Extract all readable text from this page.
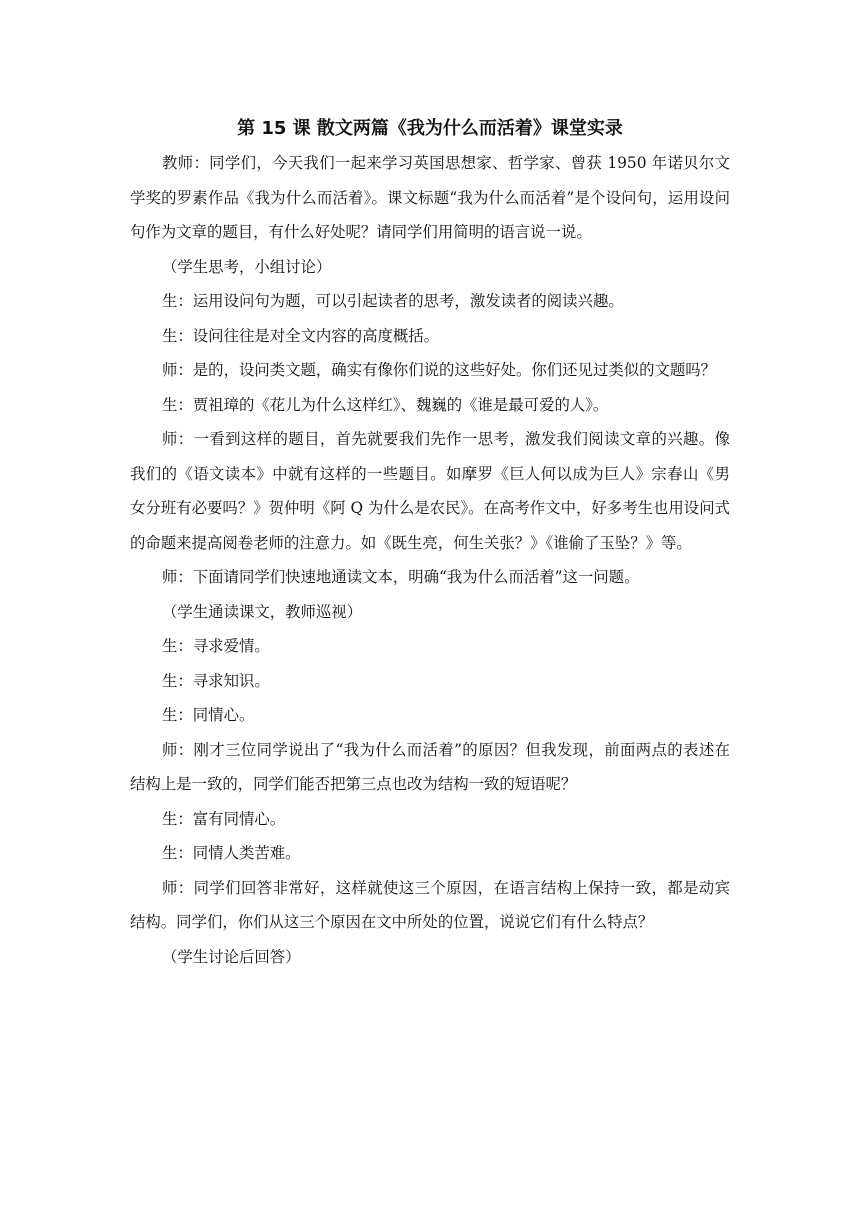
第 15 课 散文两篇《我为什么而活着》课堂实录

教师：同学们，今天我们一起来学习英国思想家、哲学家、曾获 1950 年诺贝尔文学奖的罗素作品《我为什么而活着》。课文标题“我为什么而活着”是个设问句，运用设问句作为文章的题目，有什么好处呢？请同学们用简明的语言说一说。

（学生思考，小组讨论）

生：运用设问句为题，可以引起读者的思考，激发读者的阅读兴趣。

生：设问往往是对全文内容的高度概括。

师：是的，设问类文题，确实有像你们说的这些好处。你们还见过类似的文题吗？

生：贾祖璋的《花儿为什么这样红》、魏巍的《谁是最可爱的人》。

师：一看到这样的题目，首先就要我们先作一思考，激发我们阅读文章的兴趣。像我们的《语文读本》中就有这样的一些题目。如摩罗《巨人何以成为巨人》宗春山《男女分班有必要吗？》贺仲明《阿 Q 为什么是农民》。在高考作文中，好多考生也用设问式的命题来提高阅卷老师的注意力。如《既生亮，何生关张？》《谁偷了玉坠？》等。

师：下面请同学们快速地通读文本，明确“我为什么而活着”这一问题。

（学生通读课文，教师巡视）

生：寻求爱情。

生：寻求知识。

生：同情心。

师：刚才三位同学说出了“我为什么而活着”的原因？但我发现，前面两点的表述在结构上是一致的，同学们能否把第三点也改为结构一致的短语呢？

生：富有同情心。

生：同情人类苦难。

师：同学们回答非常好，这样就使这三个原因，在语言结构上保持一致，都是动宾结构。同学们，你们从这三个原因在文中所处的位置，说说它们有什么特点？

（学生讨论后回答）
